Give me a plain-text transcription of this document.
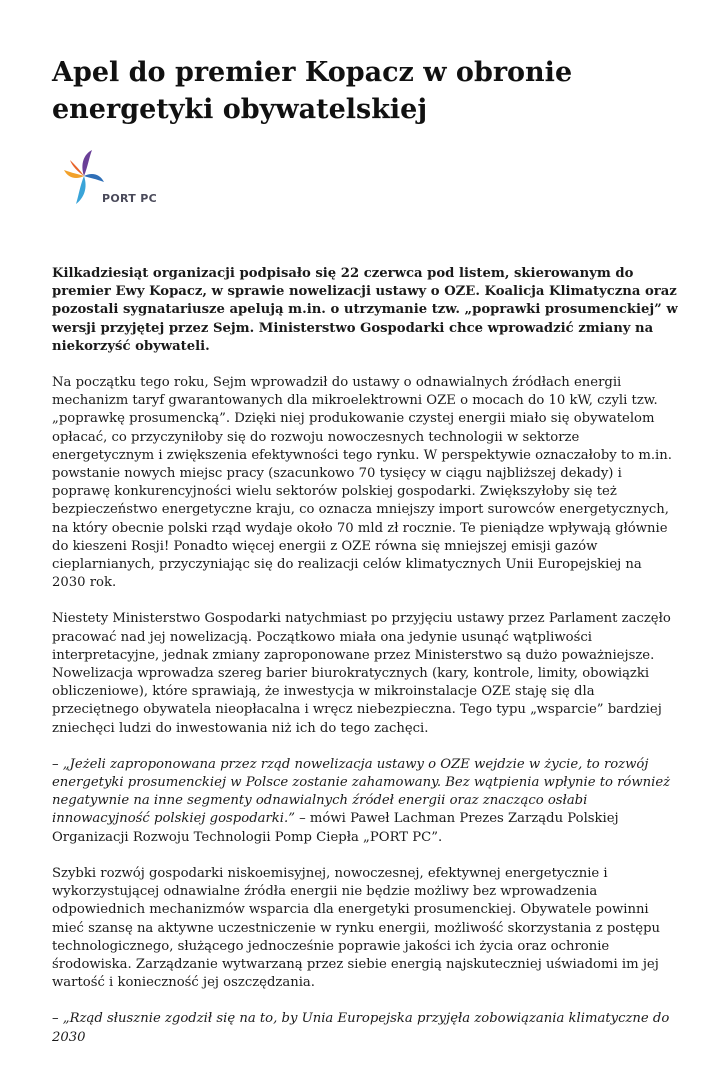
Apel do premier Kopacz w obronie energetyki obywatelskiej
PORT PC

Kilkadziesiąt organizacji podpisało się 22 czerwca pod listem, skierowanym do premier Ewy Kopacz, w sprawie nowelizacji ustawy o OZE. Koalicja Klimatyczna oraz pozostali sygnatariusze apelują m.in. o utrzymanie tzw. „poprawki prosumenckiej” w wersji przyjętej przez Sejm. Ministerstwo Gospodarki chce wprowadzić zmiany na niekorzyść obywateli.

Na początku tego roku, Sejm wprowadził do ustawy o odnawialnych źródłach energii mechanizm taryf gwarantowanych dla mikroelektrowni OZE o mocach do 10 kW, czyli tzw. „poprawkę prosumencką”. Dzięki niej produkowanie czystej energii miało się obywatelom opłacać, co przyczyniłoby się do rozwoju nowoczesnych technologii w sektorze energetycznym i zwiększenia efektywności tego rynku. W perspektywie oznaczałoby to m.in. powstanie nowych miejsc pracy (szacunkowo 70 tysięcy w ciągu najbliższej dekady) i poprawę konkurencyjności wielu sektorów polskiej gospodarki. Zwiększyłoby się też bezpieczeństwo energetyczne kraju, co oznacza mniejszy import surowców energetycznych, na który obecnie polski rząd wydaje około 70 mld zł rocznie. Te pieniądze wpływają głównie do kieszeni Rosji! Ponadto więcej energii z OZE równa się mniejszej emisji gazów cieplarnianych, przyczyniając się do realizacji celów klimatycznych Unii Europejskiej na 2030 rok.

Niestety Ministerstwo Gospodarki natychmiast po przyjęciu ustawy przez Parlament zaczęło pracować nad jej nowelizacją. Początkowo miała ona jedynie usunąć wątpliwości interpretacyjne, jednak zmiany zaproponowane przez Ministerstwo są dużo poważniejsze. Nowelizacja wprowadza szereg barier biurokratycznych (kary, kontrole, limity, obowiązki obliczeniowe), które sprawiają, że inwestycja w mikroinstalacje OZE staję się dla przeciętnego obywatela nieopłacalna i wręcz niebezpieczna. Tego typu „wsparcie” bardziej zniechęci ludzi do inwestowania niż ich do tego zachęci.

– „Jeżeli zaproponowana przez rząd nowelizacja ustawy o OZE wejdzie w życie, to rozwój energetyki prosumenckiej w Polsce zostanie zahamowany. Bez wątpienia wpłynie to również negatywnie na inne segmenty odnawialnych źródeł energii oraz znacząco osłabi innowacyjność polskiej gospodarki.” – mówi Paweł Lachman Prezes Zarządu Polskiej Organizacji Rozwoju Technologii Pomp Ciepła „PORT PC”.

Szybki rozwój gospodarki niskoemisyjnej, nowoczesnej, efektywnej energetycznie i wykorzystującej odnawialne źródła energii nie będzie możliwy bez wprowadzenia odpowiednich mechanizmów wsparcia dla energetyki prosumenckiej. Obywatele powinni mieć szansę na aktywne uczestniczenie w rynku energii, możliwość skorzystania z postępu technologicznego, służącego jednocześnie poprawie jakości ich życia oraz ochronie środowiska. Zarządzanie wytwarzaną przez siebie energią najskuteczniej uświadomi im jej wartość i konieczność jej oszczędzania.

– „Rząd słusznie zgodził się na to, by Unia Europejska przyjęła zobowiązania klimatyczne do 2030
